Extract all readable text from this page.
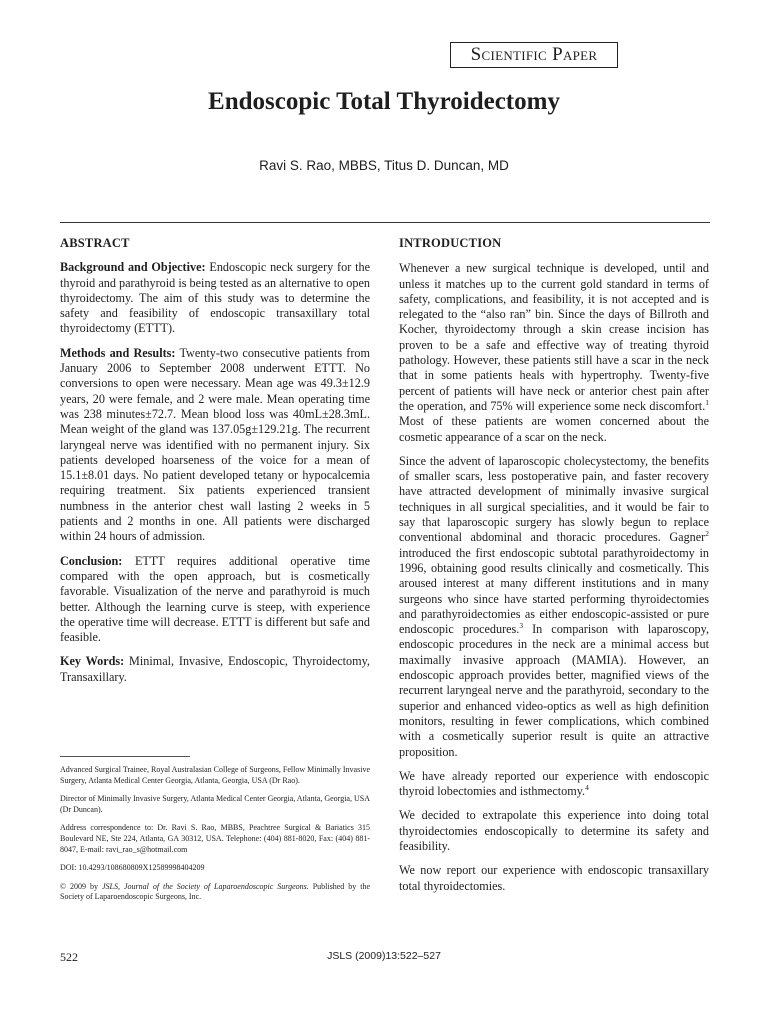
Scientific Paper
Endoscopic Total Thyroidectomy
Ravi S. Rao, MBBS, Titus D. Duncan, MD
ABSTRACT

Background and Objective: Endoscopic neck surgery for the thyroid and parathyroid is being tested as an alternative to open thyroidectomy. The aim of this study was to determine the safety and feasibility of endoscopic transaxillary total thyroidectomy (ETTT).

Methods and Results: Twenty-two consecutive patients from January 2006 to September 2008 underwent ETTT. No conversions to open were necessary. Mean age was 49.3±12.9 years, 20 were female, and 2 were male. Mean operating time was 238 minutes±72.7. Mean blood loss was 40mL±28.3mL. Mean weight of the gland was 137.05g±129.21g. The recurrent laryngeal nerve was identified with no permanent injury. Six patients developed hoarseness of the voice for a mean of 15.1±8.01 days. No patient developed tetany or hypocalcemia requiring treatment. Six patients experienced transient numbness in the anterior chest wall lasting 2 weeks in 5 patients and 2 months in one. All patients were discharged within 24 hours of admission.

Conclusion: ETTT requires additional operative time compared with the open approach, but is cosmetically favorable. Visualization of the nerve and parathyroid is much better. Although the learning curve is steep, with experience the operative time will decrease. ETTT is different but safe and feasible.

Key Words: Minimal, Invasive, Endoscopic, Thyroidectomy, Transaxillary.

Advanced Surgical Trainee, Royal Australasian College of Surgeons, Fellow Minimally Invasive Surgery, Atlanta Medical Center Georgia, Atlanta, Georgia, USA (Dr Rao).

Director of Minimally Invasive Surgery, Atlanta Medical Center Georgia, Atlanta, Georgia, USA (Dr Duncan).

Address correspondence to: Dr. Ravi S. Rao, MBBS, Peachtree Surgical & Bariatics 315 Boulevard NE, Ste 224, Atlanta, GA 30312, USA. Telephone: (404) 881-8020, Fax: (404) 881-8047, E-mail: ravi_rao_s@hotmail.com

DOI: 10.4293/108680809X12589998404209

© 2009 by JSLS, Journal of the Society of Laparoendoscopic Surgeons. Published by the Society of Laparoendoscopic Surgeons, Inc.

INTRODUCTION

Whenever a new surgical technique is developed, until and unless it matches up to the current gold standard in terms of safety, complications, and feasibility, it is not accepted and is relegated to the “also ran” bin. Since the days of Billroth and Kocher, thyroidectomy through a skin crease incision has proven to be a safe and effective way of treating thyroid pathology. However, these patients still have a scar in the neck that in some patients heals with hypertrophy. Twenty-five percent of patients will have neck or anterior chest pain after the operation, and 75% will experience some neck discomfort.$^1$ Most of these patients are women concerned about the cosmetic appearance of a scar on the neck.

Since the advent of laparoscopic cholecystectomy, the benefits of smaller scars, less postoperative pain, and faster recovery have attracted development of minimally invasive surgical techniques in all surgical specialities, and it would be fair to say that laparoscopic surgery has slowly begun to replace conventional abdominal and thoracic procedures. Gagner$^2$ introduced the first endoscopic subtotal parathyroidectomy in 1996, obtaining good results clinically and cosmetically. This aroused interest at many different institutions and in many surgeons who since have started performing thyroidectomies and parathyroidectomies as either endoscopic-assisted or pure endoscopic procedures.$^3$ In comparison with laparoscopy, endoscopic procedures in the neck are a minimal access but maximally invasive approach (MAMIA). However, an endoscopic approach provides better, magnified views of the recurrent laryngeal nerve and the parathyroid, secondary to the superior and enhanced video-optics as well as high definition monitors, resulting in fewer complications, which combined with a cosmetically superior result is quite an attractive proposition.

We have already reported our experience with endoscopic thyroid lobectomies and isthmectomy.$^4$

We decided to extrapolate this experience into doing total thyroidectomies endoscopically to determine its safety and feasibility.

We now report our experience with endoscopic transaxillary total thyroidectomies.

522	JSLS (2009)13:522–527
